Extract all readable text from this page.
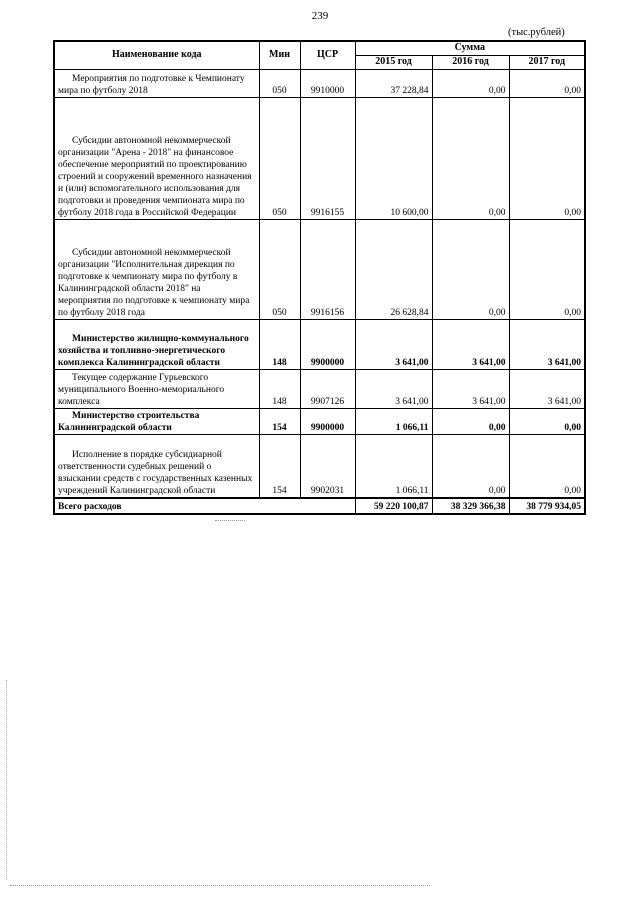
239
(тыс.рублей)
Наименование кода	Мин	ЦСР	Сумма		
			2015 год	2016 год	2017 год
Мероприятия по подготовке к Чемпионату мира по футболу 2018	050	9910000	37 228,84	0,00	0,00
Субсидии автономной некоммерческой организации "Арена - 2018" на финансовое обеспечение мероприятий по проектированию строений и сооружений временного назначения и (или) вспомогательного использования для подготовки и проведения чемпионата мира по футболу 2018 года в Российской Федерации	050	9916155	10 600,00	0,00	0,00
Субсидии автономной некоммерческой организации "Исполнительная дирекция по подготовке к чемпионату мира по футболу в Калининградской области 2018" на мероприятия по подготовке к чемпионату мира по футболу 2018 года	050	9916156	26 628,84	0,00	0,00
Министерство жилищно-коммунального хозяйства и топливно-энергетического комплекса Калининградской области	148	9900000	3 641,00	3 641,00	3 641,00
Текущее содержание Гурьевского муниципального Военно-мемориального комплекса	148	9907126	3 641,00	3 641,00	3 641,00
Министерство строительства Калининградской области	154	9900000	1 066,11	0,00	0,00
Исполнение в порядке субсидиарной ответственности судебных решений о взыскании средств с государственных казенных учреждений Калининградской области	154	9902031	1 066,11	0,00	0,00
Всего расходов			59 220 100,87	38 329 366,38	38 779 934,05
